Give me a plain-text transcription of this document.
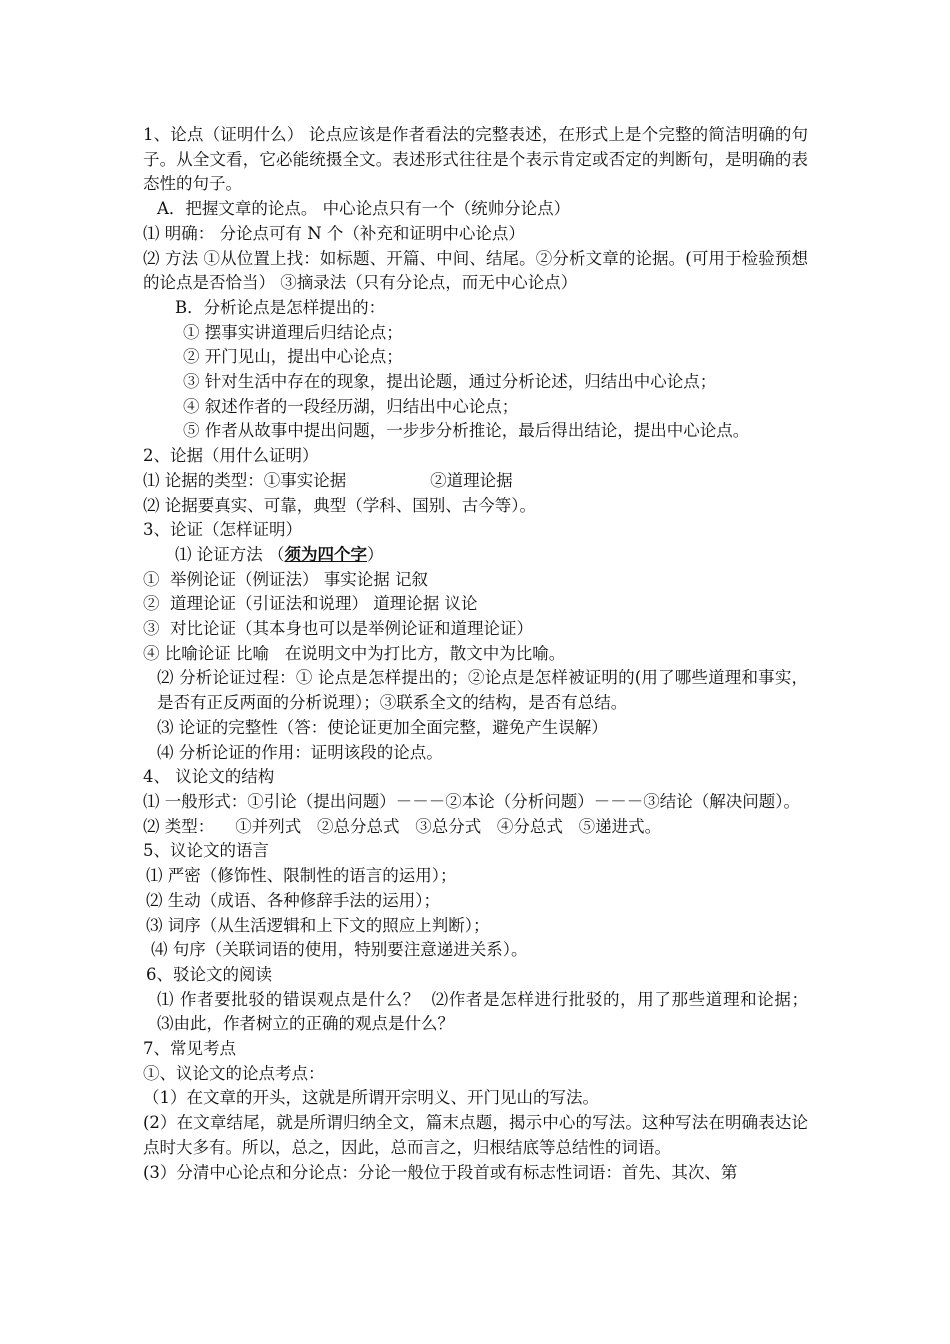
1、论点（证明什么） 论点应该是作者看法的完整表述，在形式上是个完整的简洁明确的句子。从全文看，它必能统摄全文。表述形式往往是个表示肯定或否定的判断句，是明确的表态性的句子。
A．把握文章的论点。 中心论点只有一个（统帅分论点）
⑴ 明确： 分论点可有 N 个（补充和证明中心论点）
⑵ 方法 ①从位置上找：如标题、开篇、中间、结尾。②分析文章的论据。(可用于检验预想的论点是否恰当） ③摘录法（只有分论点，而无中心论点）
B．分析论点是怎样提出的：
① 摆事实讲道理后归结论点；
② 开门见山，提出中心论点；
③ 针对生活中存在的现象，提出论题，通过分析论述，归结出中心论点；
④ 叙述作者的一段经历湖，归结出中心论点；
⑤ 作者从故事中提出问题，一步步分析推论，最后得出结论，提出中心论点。
2、论据（用什么证明）
⑴ 论据的类型：①事实论据                ②道理论据
⑵ 论据要真实、可靠，典型（学科、国别、古今等）。
3、论证（怎样证明）
⑴ 论证方法 （须为四个字）
①  举例论证（例证法） 事实论据 记叙
②  道理论证（引证法和说理） 道理论据 议论
③  对比论证（其本身也可以是举例论证和道理论证）
④ 比喻论证 比喻   在说明文中为打比方，散文中为比喻。
⑵ 分析论证过程：① 论点是怎样提出的；②论点是怎样被证明的(用了哪些道理和事实，是否有正反两面的分析说理）；③联系全文的结构，是否有总结。
⑶ 论证的完整性（答：使论证更加全面完整，避免产生误解）
⑷ 分析论证的作用：证明该段的论点。
4、 议论文的结构
⑴ 一般形式：①引论（提出问题）－－－②本论（分析问题）－－－③结论（解决问题）。
⑵ 类型：    ①并列式   ②总分总式   ③总分式   ④分总式   ⑤递进式。
5、议论文的语言
⑴ 严密（修饰性、限制性的语言的运用）；
⑵ 生动（成语、各种修辞手法的运用）；
⑶ 词序（从生活逻辑和上下文的照应上判断）；
⑷ 句序（关联词语的使用，特别要注意递进关系）。
6、驳论文的阅读
⑴ 作者要批驳的错误观点是什么？  ⑵作者是怎样进行批驳的，用了那些道理和论据；    ⑶由此，作者树立的正确的观点是什么？
7、常见考点
①、议论文的论点考点：
（1）在文章的开头，这就是所谓开宗明义、开门见山的写法。
(2）在文章结尾，就是所谓归纳全文，篇末点题，揭示中心的写法。这种写法在明确表达论点时大多有。所以，总之，因此，总而言之，归根结底等总结性的词语。
(3）分清中心论点和分论点：分论一般位于段首或有标志性词语：首先、其次、第
